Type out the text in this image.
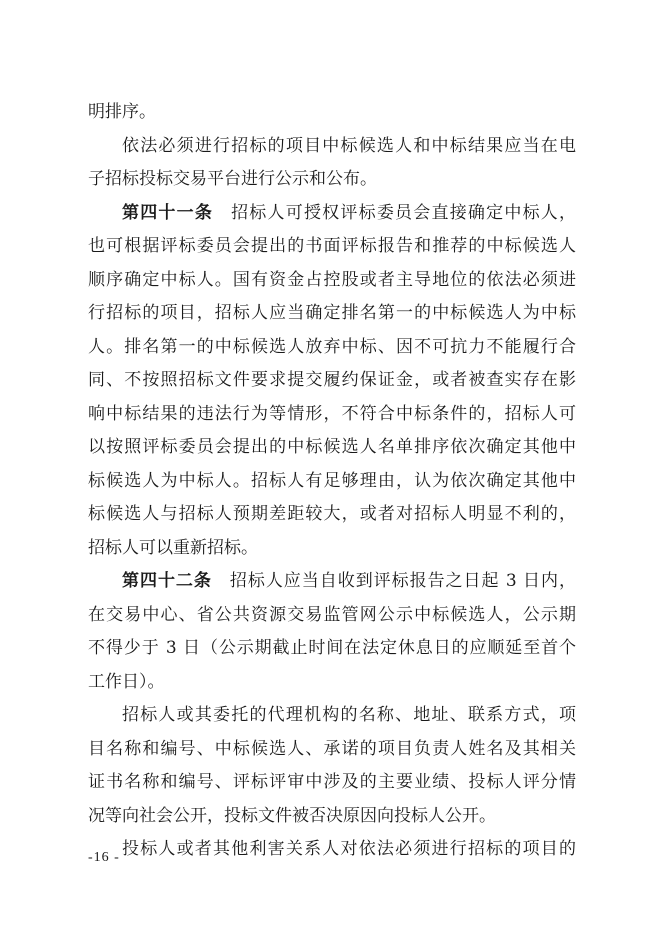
明排序。
依法必须进行招标的项目中标候选人和中标结果应当在电
子招标投标交易平台进行公示和公布。
第四十一条 招标人可授权评标委员会直接确定中标人，
也可根据评标委员会提出的书面评标报告和推荐的中标候选人
顺序确定中标人。国有资金占控股或者主导地位的依法必须进
行招标的项目，招标人应当确定排名第一的中标候选人为中标
人。排名第一的中标候选人放弃中标、因不可抗力不能履行合
同、不按照招标文件要求提交履约保证金，或者被查实存在影
响中标结果的违法行为等情形，不符合中标条件的，招标人可
以按照评标委员会提出的中标候选人名单排序依次确定其他中
标候选人为中标人。招标人有足够理由，认为依次确定其他中
标候选人与招标人预期差距较大，或者对招标人明显不利的，
招标人可以重新招标。
第四十二条 招标人应当自收到评标报告之日起 3 日内，
在交易中心、省公共资源交易监管网公示中标候选人，公示期
不得少于 3 日（公示期截止时间在法定休息日的应顺延至首个
工作日）。
招标人或其委托的代理机构的名称、地址、联系方式，项
目名称和编号、中标候选人、承诺的项目负责人姓名及其相关
证书名称和编号、评标评审中涉及的主要业绩、投标人评分情
况等向社会公开，投标文件被否决原因向投标人公开。
投标人或者其他利害关系人对依法必须进行招标的项目的
-16 -
